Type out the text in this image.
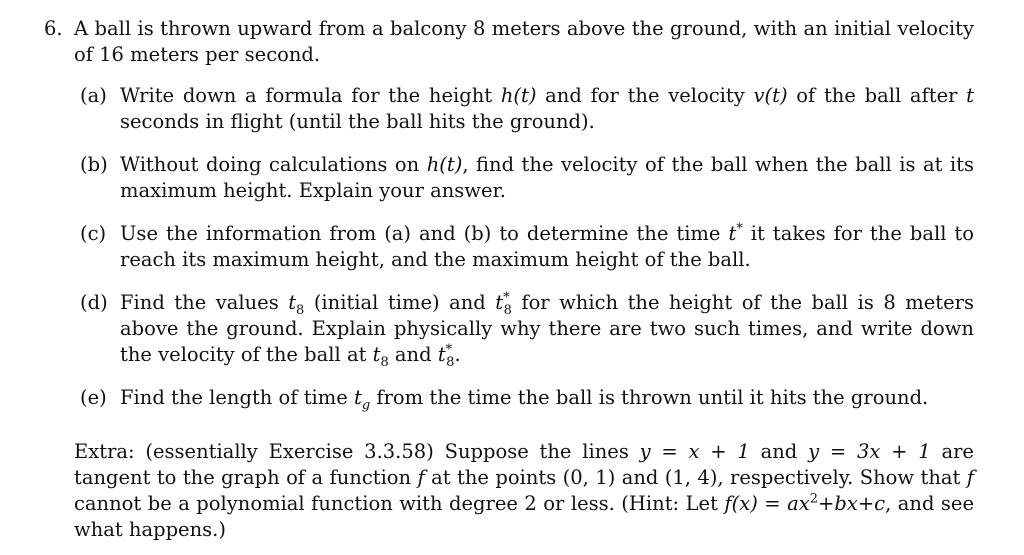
6. A ball is thrown upward from a balcony 8 meters above the ground, with an initial velocity of 16 meters per second.
(a) Write down a formula for the height h(t) and for the velocity v(t) of the ball after t seconds in flight (until the ball hits the ground).
(b) Without doing calculations on h(t), find the velocity of the ball when the ball is at its maximum height. Explain your answer.
(c) Use the information from (a) and (b) to determine the time t* it takes for the ball to reach its maximum height, and the maximum height of the ball.
(d) Find the values $t_8$ (initial time) and $t^*_8$ for which the height of the ball is 8 meters above the ground. Explain physically why there are two such times, and write down the velocity of the ball at $t_8$ and $t^*_8$.
(e) Find the length of time $t_g$ from the time the ball is thrown until it hits the ground.

Extra: (essentially Exercise 3.3.58) Suppose the lines y = x + 1 and y = 3x + 1 are tangent to the graph of a function f at the points (0, 1) and (1, 4), respectively. Show that f cannot be a polynomial function with degree 2 or less. (Hint: Let $f(x) = ax^2+bx+c$, and see what happens.)
